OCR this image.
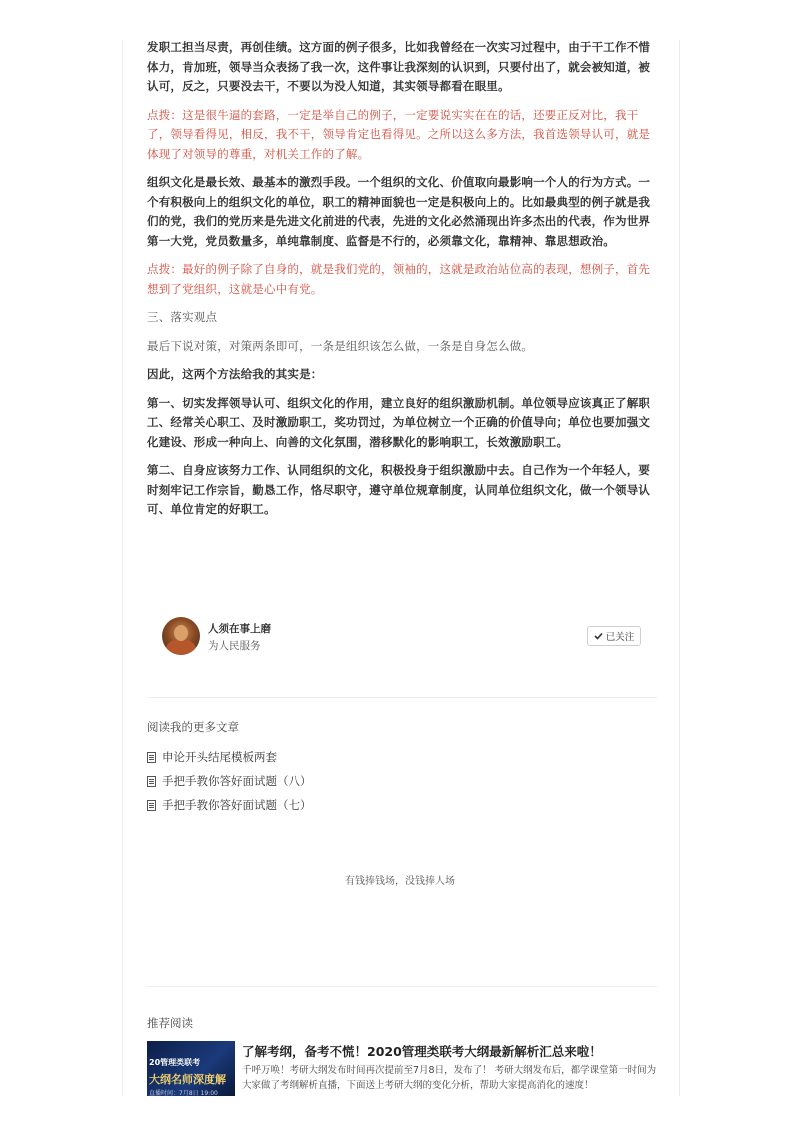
发职工担当尽责，再创佳绩。这方面的例子很多，比如我曾经在一次实习过程中，由于干工作不惜体力，肯加班，领导当众表扬了我一次，这件事让我深刻的认识到，只要付出了，就会被知道，被认可，反之，只要没去干，不要以为没人知道，其实领导都看在眼里。

点拨：这是很牛逼的套路，一定是举自己的例子，一定要说实实在在的话，还要正反对比，我干了，领导看得见，相反，我不干，领导肯定也看得见。之所以这么多方法，我首选领导认可，就是体现了对领导的尊重，对机关工作的了解。

组织文化是最长效、最基本的激烈手段。一个组织的文化、价值取向最影响一个人的行为方式。一个有积极向上的组织文化的单位，职工的精神面貌也一定是积极向上的。比如最典型的例子就是我们的党，我们的党历来是先进文化前进的代表，先进的文化必然涌现出许多杰出的代表，作为世界第一大党，党员数量多，单纯靠制度、监督是不行的，必须靠文化，靠精神、靠思想政治。

点拨：最好的例子除了自身的，就是我们党的，领袖的，这就是政治站位高的表现，想例子，首先想到了党组织，这就是心中有党。

三、落实观点

最后下说对策，对策两条即可，一条是组织该怎么做，一条是自身怎么做。

因此，这两个方法给我的其实是：

第一、切实发挥领导认可、组织文化的作用，建立良好的组织激励机制。单位领导应该真正了解职工、经常关心职工、及时激励职工，奖功罚过，为单位树立一个正确的价值导向；单位也要加强文化建设、形成一种向上、向善的文化氛围，潜移默化的影响职工，长效激励职工。

第二、自身应该努力工作、认同组织的文化，积极投身于组织激励中去。自己作为一个年轻人，要时刻牢记工作宗旨，勤恳工作，恪尽职守，遵守单位规章制度，认同单位组织文化，做一个领导认可、单位肯定的好职工。

人须在事上磨
为人民服务
已关注
阅读我的更多文章
申论开头结尾模板两套
手把手教你答好面试题（八）
手把手教你答好面试题（七）
有钱捧钱场，没钱捧人场
推荐阅读
20管理类联考
大纲名师深度解
直播时间：7月8日 19:00
了解考纲，备考不慌！2020管理类联考大纲最新解析汇总来啦！
千呼万唤！考研大纲发布时间再次提前至7月8日，发布了！ 考研大纲发布后，都学课堂第一时间为大家做了考纲解析直播，下面送上考研大纲的变化分析，帮助大家提高消化的速度！
